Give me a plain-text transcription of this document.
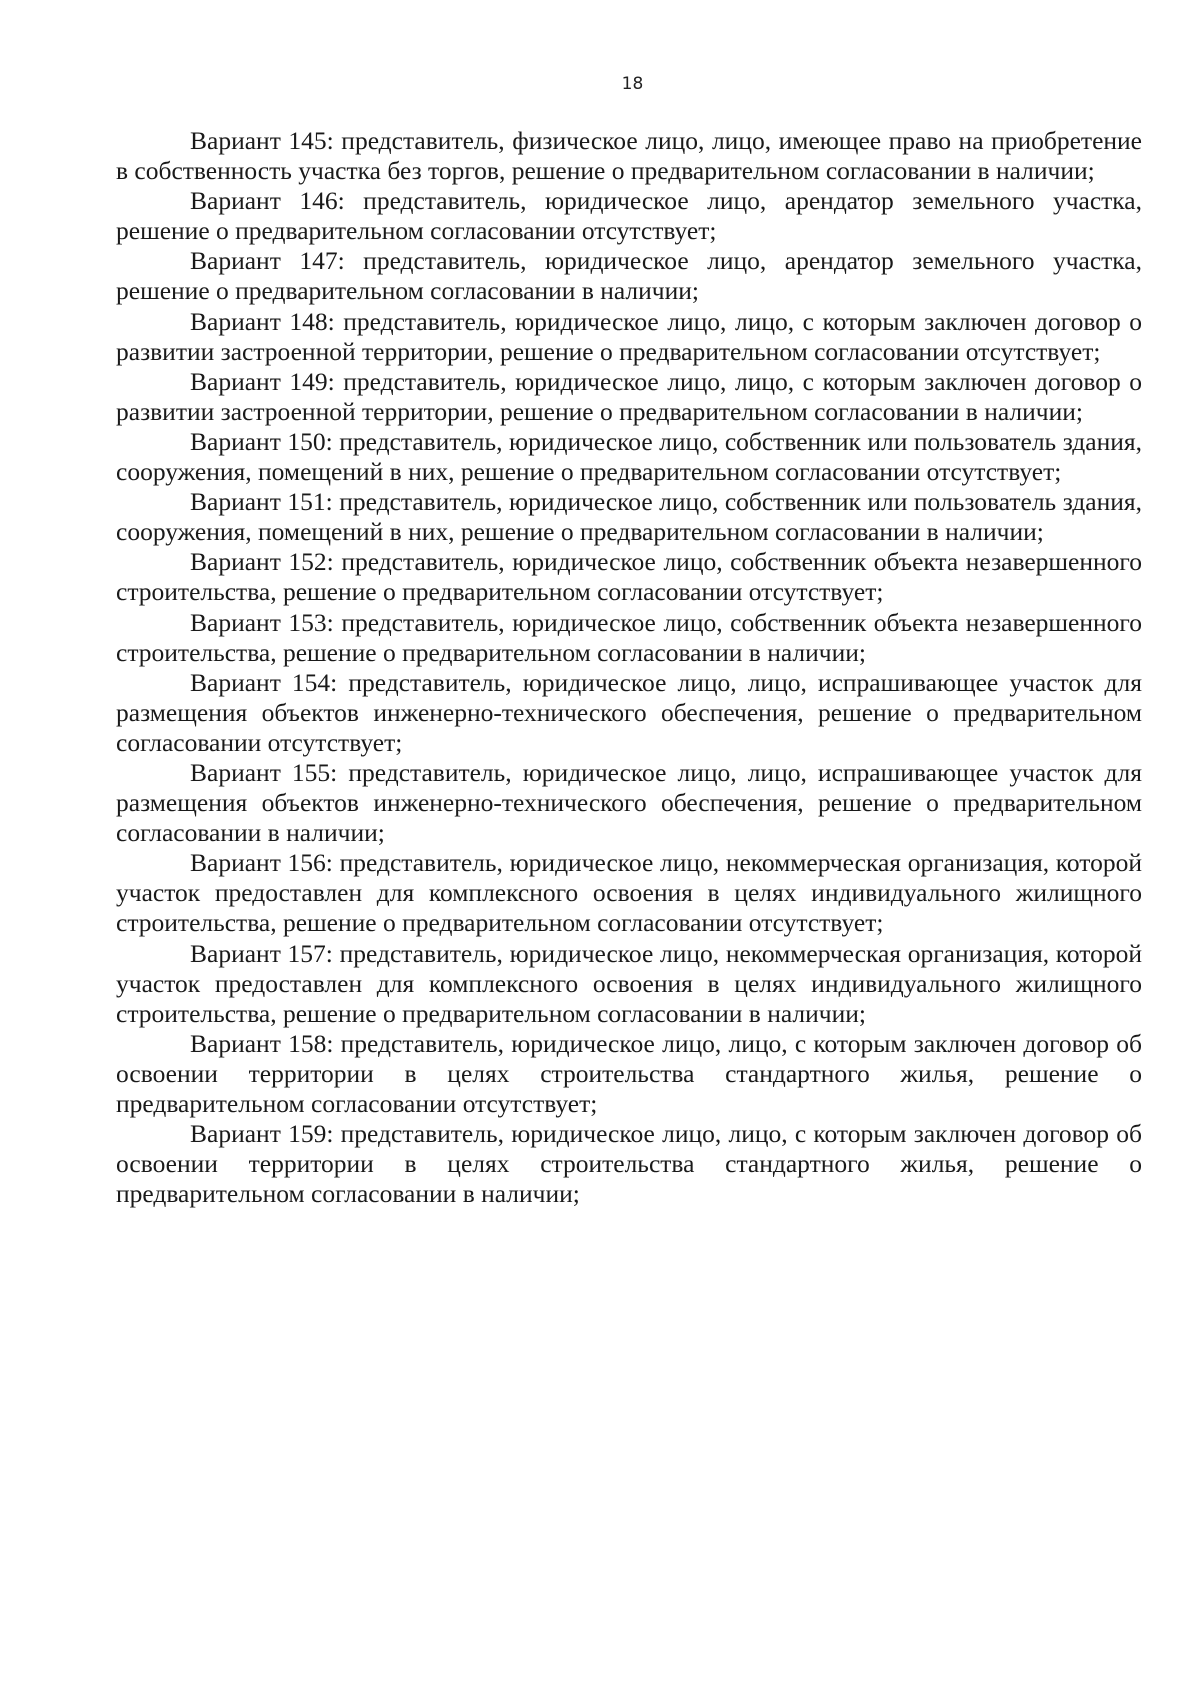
18

Вариант 145: представитель, физическое лицо, лицо, имеющее право на приобретение в собственность участка без торгов, решение о предварительном согласовании в наличии;

Вариант 146: представитель, юридическое лицо, арендатор земельного участка, решение о предварительном согласовании отсутствует;

Вариант 147: представитель, юридическое лицо, арендатор земельного участка, решение о предварительном согласовании в наличии;

Вариант 148: представитель, юридическое лицо, лицо, с которым заключен договор о развитии застроенной территории, решение о предварительном согласовании отсутствует;

Вариант 149: представитель, юридическое лицо, лицо, с которым заключен договор о развитии застроенной территории, решение о предварительном согласовании в наличии;

Вариант 150: представитель, юридическое лицо, собственник или пользователь здания, сооружения, помещений в них, решение о предварительном согласовании отсутствует;

Вариант 151: представитель, юридическое лицо, собственник или пользователь здания, сооружения, помещений в них, решение о предварительном согласовании в наличии;

Вариант 152: представитель, юридическое лицо, собственник объекта незавершенного строительства, решение о предварительном согласовании отсутствует;

Вариант 153: представитель, юридическое лицо, собственник объекта незавершенного строительства, решение о предварительном согласовании в наличии;

Вариант 154: представитель, юридическое лицо, лицо, испрашивающее участок для размещения объектов инженерно-технического обеспечения, решение о предварительном согласовании отсутствует;

Вариант 155: представитель, юридическое лицо, лицо, испрашивающее участок для размещения объектов инженерно-технического обеспечения, решение о предварительном согласовании в наличии;

Вариант 156: представитель, юридическое лицо, некоммерческая организация, которой участок предоставлен для комплексного освоения в целях индивидуального жилищного строительства, решение о предварительном согласовании отсутствует;

Вариант 157: представитель, юридическое лицо, некоммерческая организация, которой участок предоставлен для комплексного освоения в целях индивидуального жилищного строительства, решение о предварительном согласовании в наличии;

Вариант 158: представитель, юридическое лицо, лицо, с которым заключен договор об освоении территории в целях строительства стандартного жилья, решение о предварительном согласовании отсутствует;

Вариант 159: представитель, юридическое лицо, лицо, с которым заключен договор об освоении территории в целях строительства стандартного жилья, решение о предварительном согласовании в наличии;
